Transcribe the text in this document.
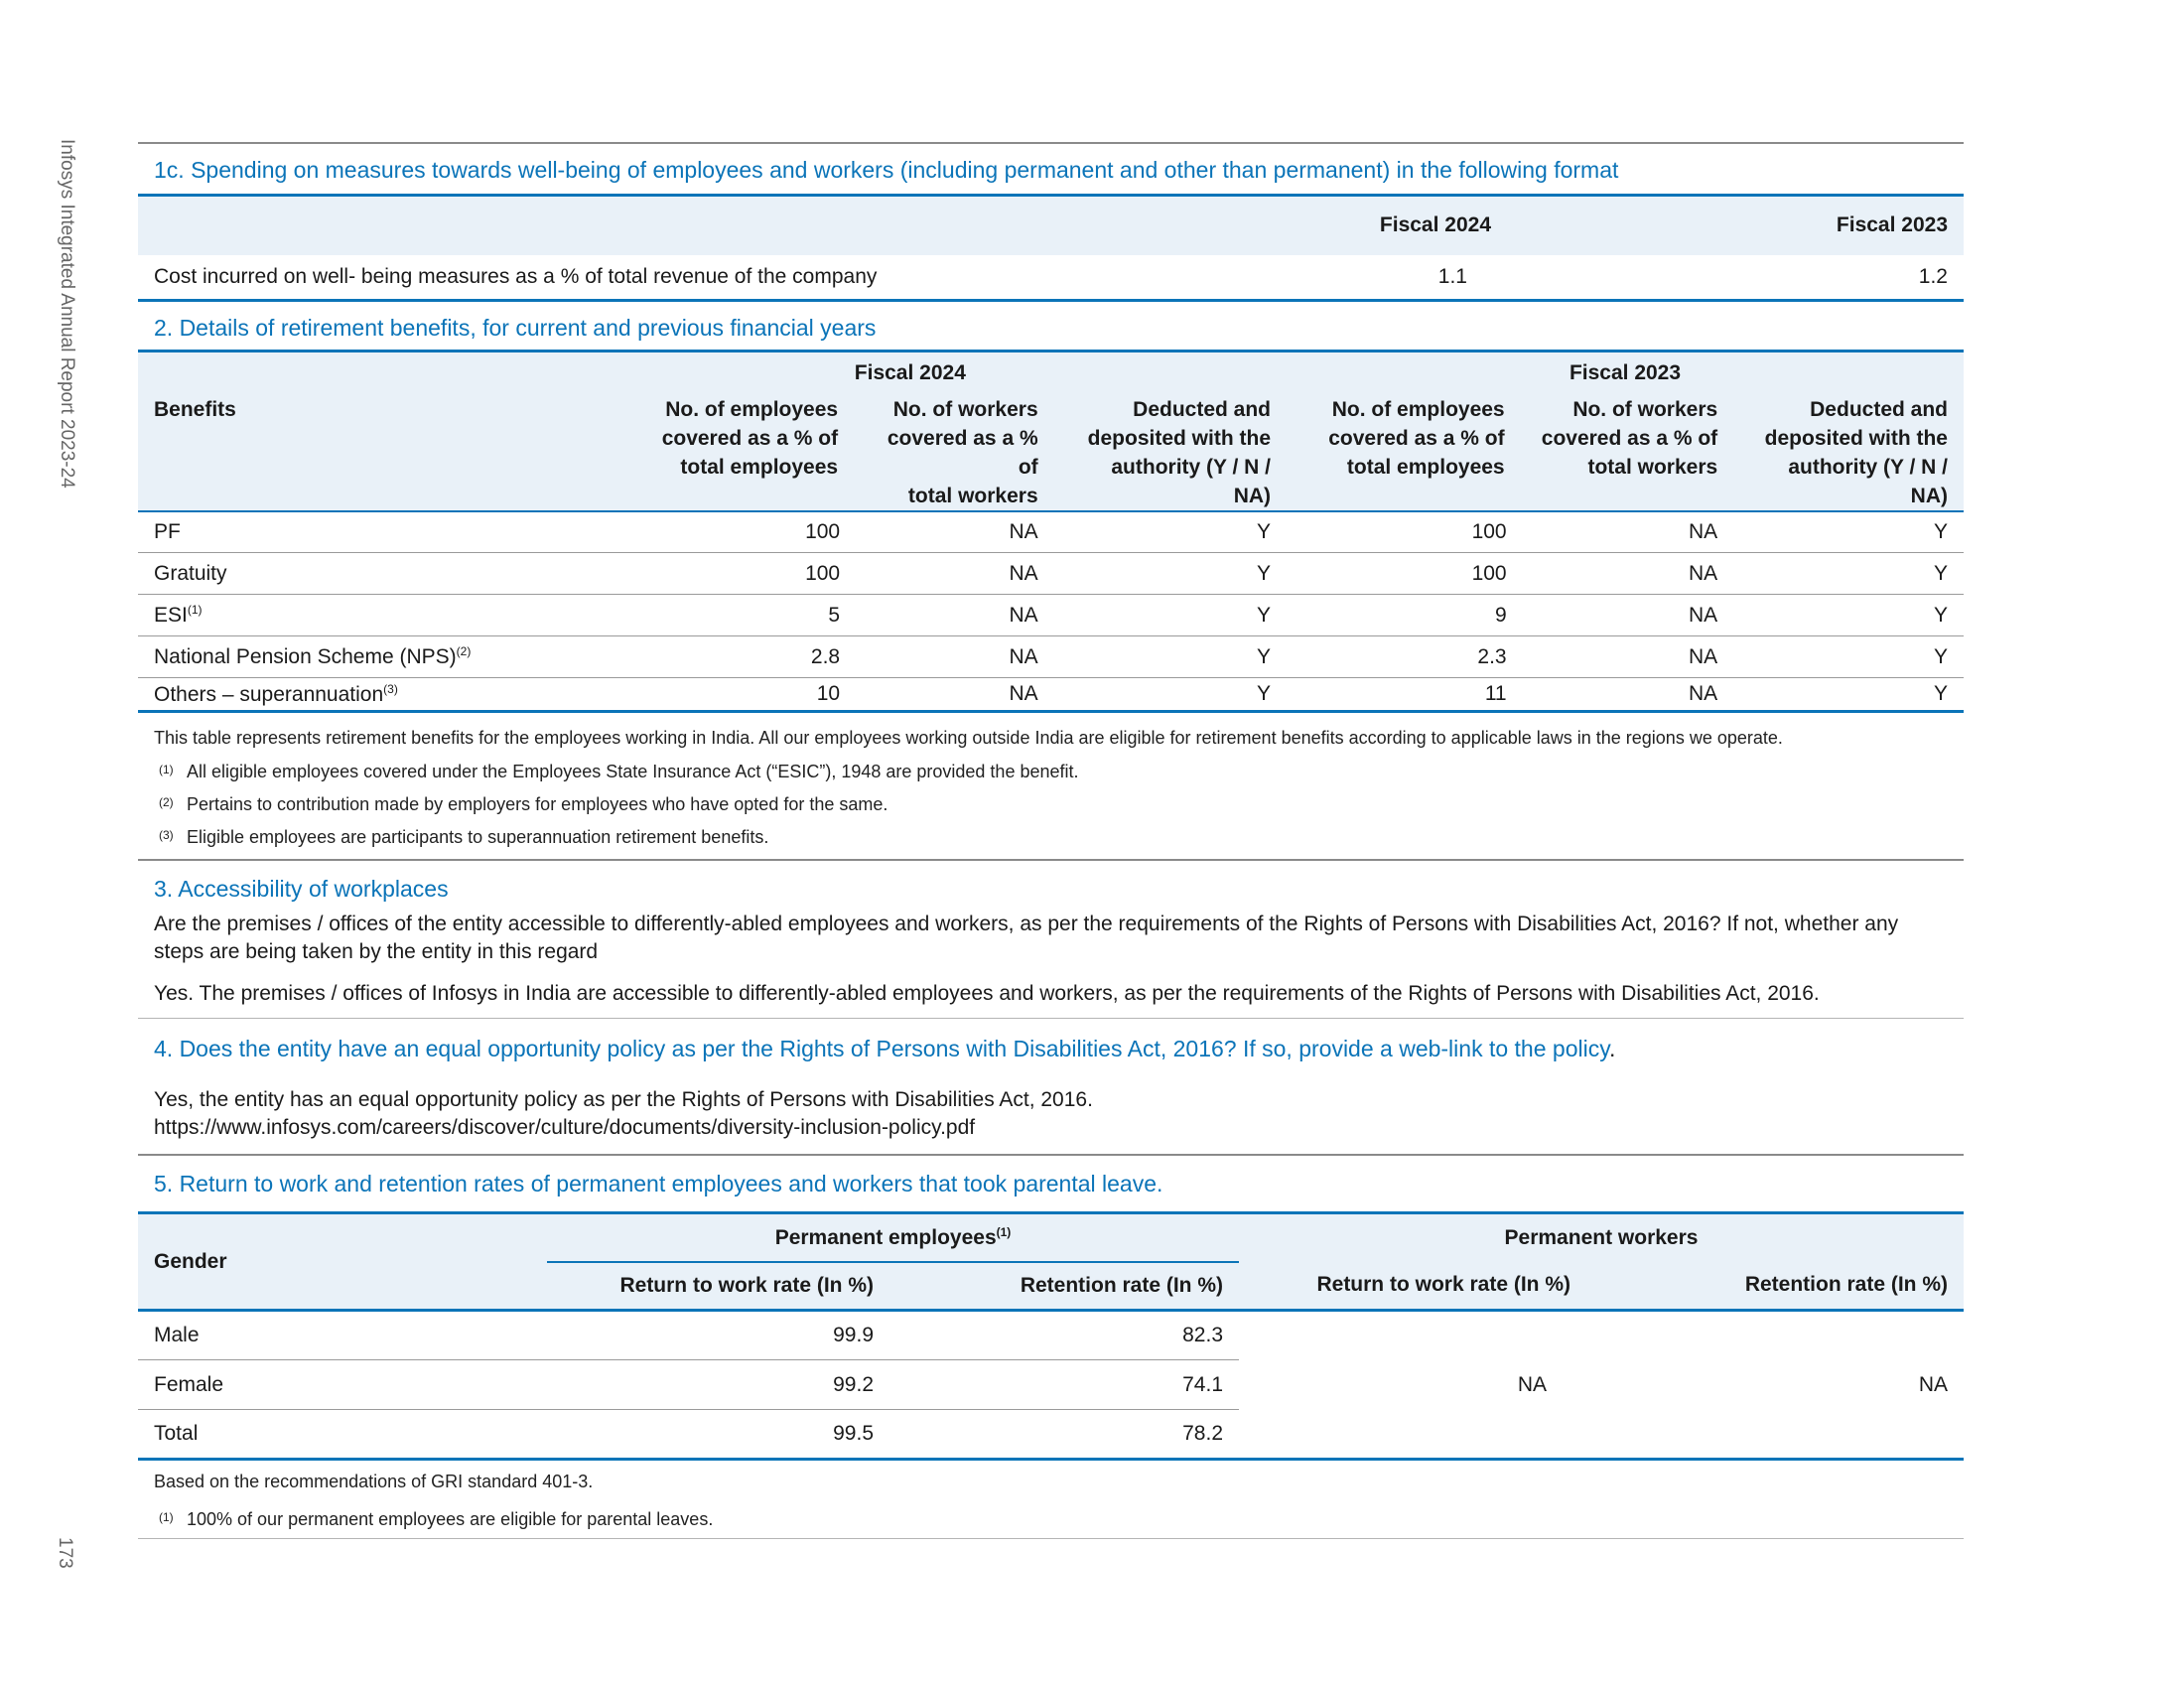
Infosys Integrated Annual Report 2023-24
173
1c. Spending on measures towards well-being of employees and workers (including permanent and other than permanent) in the following format
	Fiscal 2024	Fiscal 2023
Cost incurred on well- being measures as a % of total revenue of the company	1.1	1.2
2. Details of retirement benefits, for current and previous financial years
	Fiscal 2024			Fiscal 2023		
Benefits	No. of employees
covered as a % of
total employees	No. of workers
covered as a % of
total workers	Deducted and
deposited with the
authority (Y / N / NA)	No. of employees
covered as a % of
total employees	No. of workers
covered as a % of
total workers	Deducted and
deposited with the
authority (Y / N / NA)
PF	100	NA	Y	100	NA	Y
Gratuity	100	NA	Y	100	NA	Y
ESI$^{(1)}$	5	NA	Y	9	NA	Y
National Pension Scheme (NPS)$^{(2)}$	2.8	NA	Y	2.3	NA	Y
Others – superannuation$^{(3)}$	10	NA	Y	11	NA	Y

This table represents retirement benefits for the employees working in India. All our employees working outside India are eligible for retirement benefits according to applicable laws in the regions we operate.

(1) All eligible employees covered under the Employees State Insurance Act (“ESIC”), 1948 are provided the benefit.
(2) Pertains to contribution made by employers for employees who have opted for the same.
(3) Eligible employees are participants to superannuation retirement benefits.
3. Accessibility of workplaces

Are the premises / offices of the entity accessible to differently-abled employees and workers, as per the requirements of the Rights of Persons with Disabilities Act, 2016? If not, whether any steps are being taken by the entity in this regard

Yes. The premises / offices of Infosys in India are accessible to differently-abled employees and workers, as per the requirements of the Rights of Persons with Disabilities Act, 2016.

4. Does the entity have an equal opportunity policy as per the Rights of Persons with Disabilities Act, 2016? If so, provide a web-link to the policy.

Yes, the entity has an equal opportunity policy as per the Rights of Persons with Disabilities Act, 2016.

https://www.infosys.com/careers/discover/culture/documents/diversity-inclusion-policy.pdf

5. Return to work and retention rates of permanent employees and workers that took parental leave.
Gender	Permanent employees$^{(1)}$		Permanent workers	
	Return to work rate (In %)	Retention rate (In %)	Return to work rate (In %)	Retention rate (In %)
Male	99.9	82.3	NA	NA
Female	99.2	74.1		
Total	99.5	78.2		

Based on the recommendations of GRI standard 401-3.

(1) 100% of our permanent employees are eligible for parental leaves.
